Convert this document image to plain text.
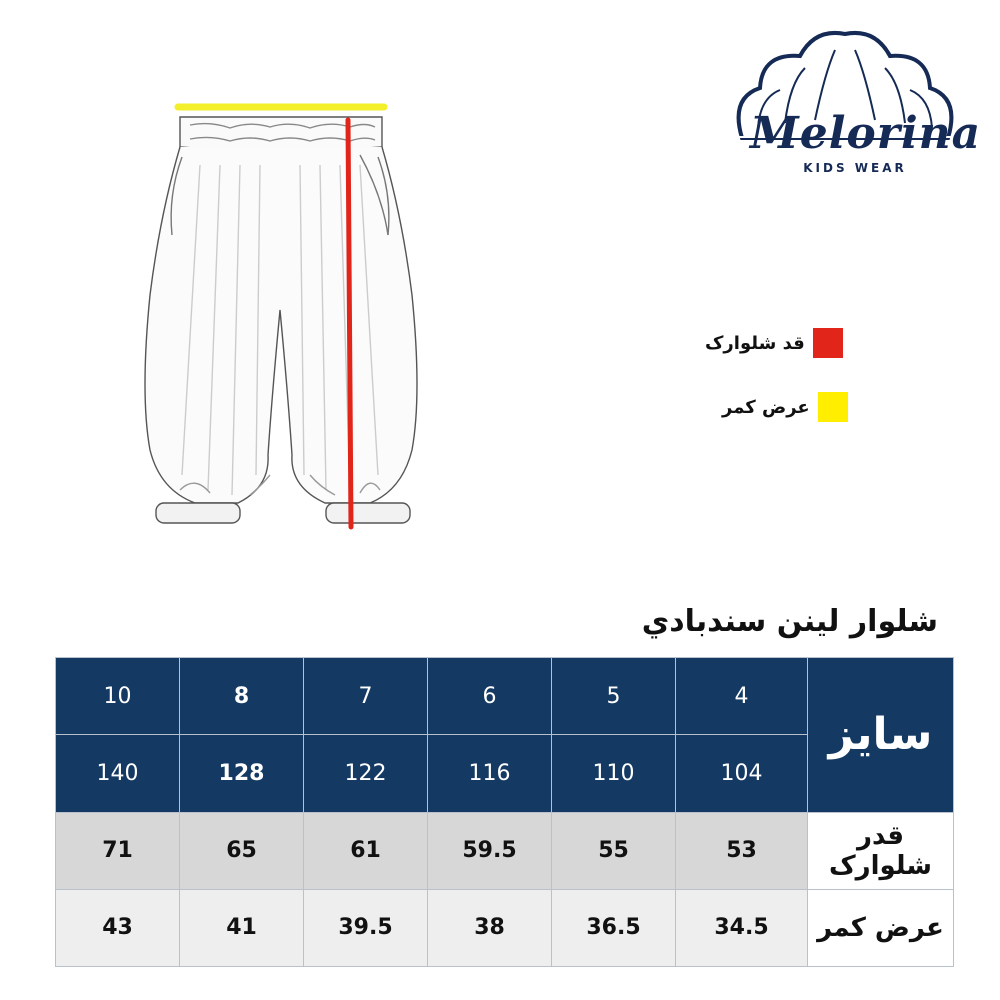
Melorina
KIDS WEAR
قد شلوارک
عرض کمر
شلوار لینن سندبادي
10	8	7	6	5	4	سایز
140	128	122	116	110	104	
71	65	61	59.5	55	53	قدر شلوارک
43	41	39.5	38	36.5	34.5	عرض کمر
